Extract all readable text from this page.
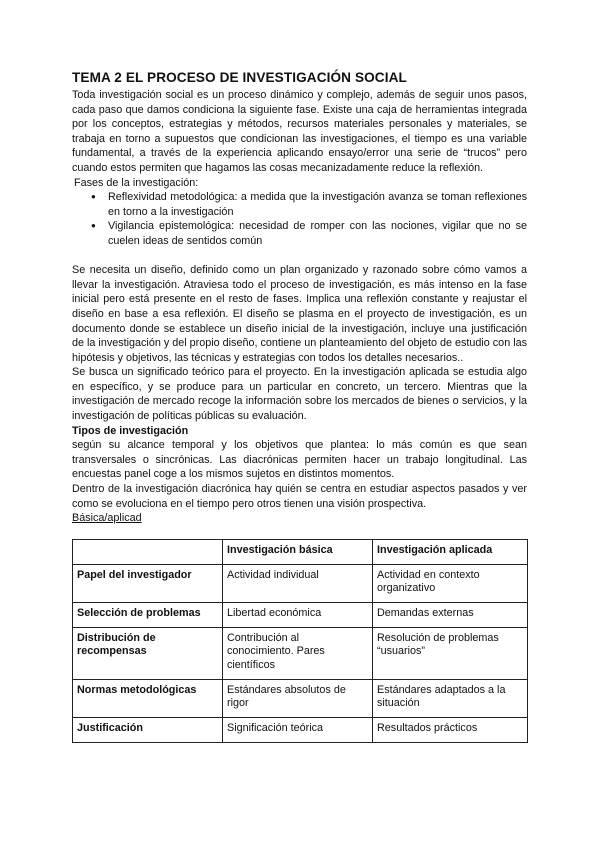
TEMA 2 EL PROCESO DE INVESTIGACIÓN SOCIAL

Toda investigación social es un proceso dinámico y complejo, además de seguir unos pasos, cada paso que damos condiciona la siguiente fase. Existe una caja de herramientas integrada por los conceptos, estrategias y métodos, recursos materiales personales y materiales, se trabaja en torno a supuestos que condicionan las investigaciones, el tiempo es una variable fundamental, a través de la experiencia aplicando ensayo/error una serie de “trucos” pero cuando estos permiten que hagamos las cosas mecanizadamente reduce la reflexión.

Fases de la investigación:

● Reflexividad metodológica: a medida que la investigación avanza se toman reflexiones en torno a la investigación
● Vigilancia epistemológica: necesidad de romper con las nociones, vigilar que no se cuelen ideas de sentidos común

Se necesita un diseño, definido como un plan organizado y razonado sobre cómo vamos a llevar la investigación. Atraviesa todo el proceso de investigación, es más intenso en la fase inicial pero está presente en el resto de fases. Implica una reflexión constante y reajustar el diseño en base a esa reflexión. El diseño se plasma en el proyecto de investigación, es un documento donde se establece un diseño inicial de la investigación, incluye una justificación de la investigación y del propio diseño, contiene un planteamiento del objeto de estudio con las hipótesis y objetivos, las técnicas y estrategias con todos los detalles necesarios..

Se busca un significado teórico para el proyecto. En la investigación aplicada se estudia algo en específico, y se produce para un particular en concreto, un tercero. Mientras que la investigación de mercado recoge la información sobre los mercados de bienes o servicios, y la investigación de políticas públicas su evaluación.

Tipos de investigación

según su alcance temporal y los objetivos que plantea: lo más común es que sean transversales o sincrónicas. Las diacrónicas permiten hacer un trabajo longitudinal. Las encuestas panel coge a los mismos sujetos en distintos momentos.

Dentro de la investigación diacrónica hay quién se centra en estudiar aspectos pasados y ver como se evoluciona en el tiempo pero otros tienen una visión prospectiva.

Básica/aplicad

	Investigación básica	Investigación aplicada
Papel del investigador	Actividad individual	Actividad en contexto organizativo
Selección de problemas	Libertad económica	Demandas externas
Distribución de recompensas	Contribución al conocimiento. Pares científicos	Resolución de problemas “usuarios”
Normas metodológicas	Estándares absolutos de rigor	Estándares adaptados a la situación
Justificación	Significación teórica	Resultados prácticos
